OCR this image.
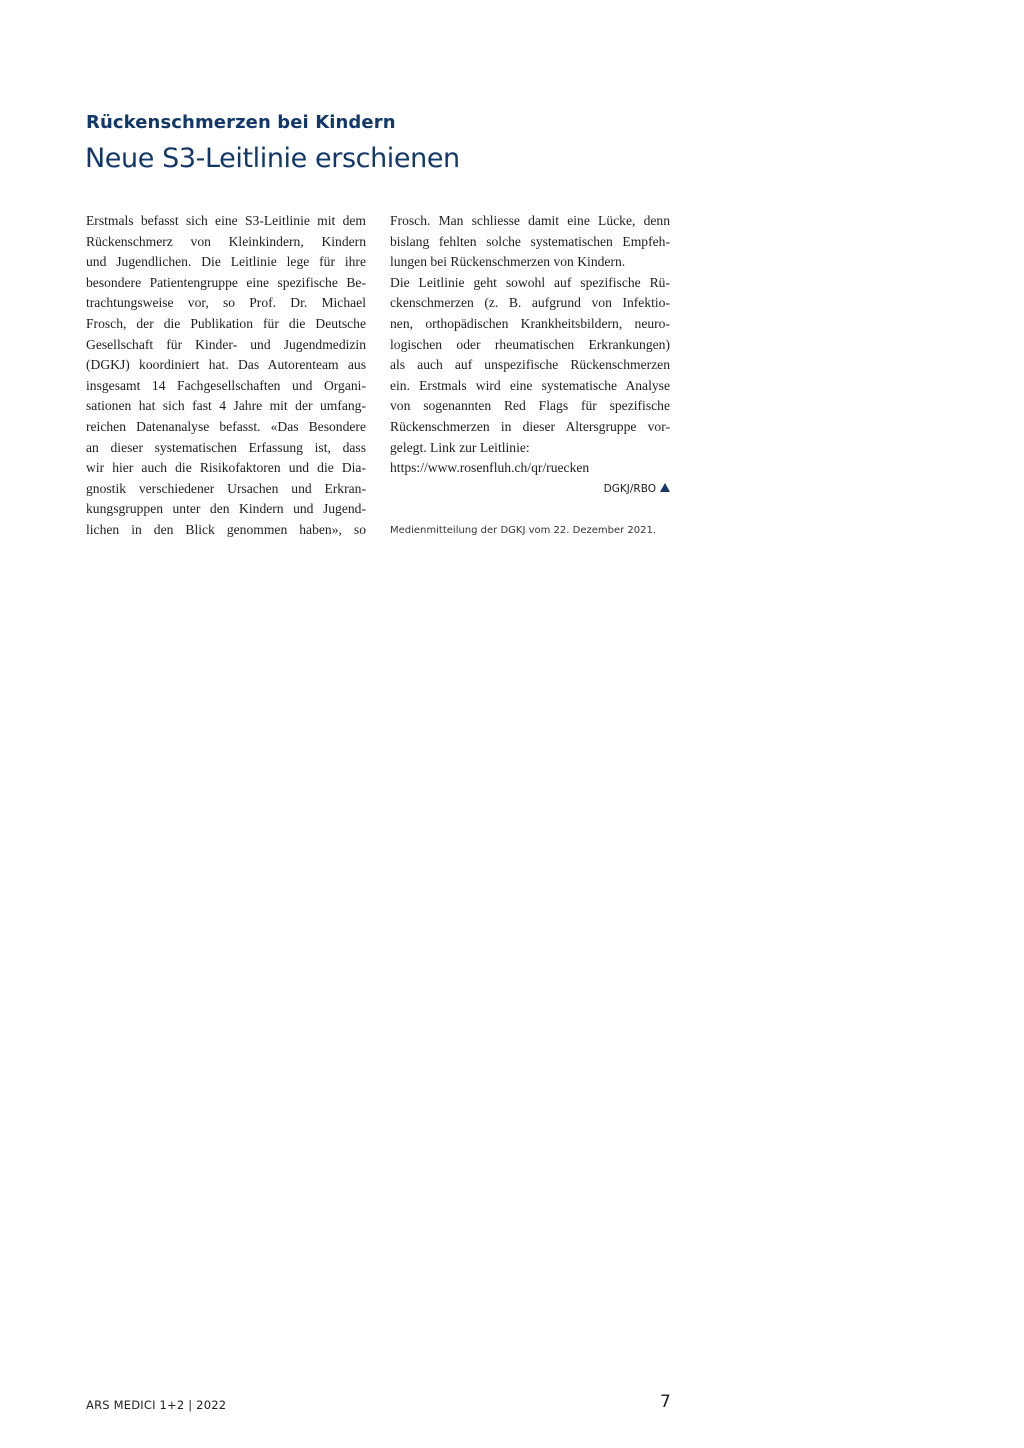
Rückenschmerzen bei Kindern
Neue S3-Leitlinie erschienen
Erstmals befasst sich eine S3-Leitlinie mit dem
Rückenschmerz von Kleinkindern, Kindern
und Jugendlichen. Die Leitlinie lege für ihre
besondere Patientengruppe eine spezifische Be-
trachtungsweise vor, so Prof. Dr. Michael
Frosch, der die Publikation für die Deutsche
Gesellschaft für Kinder- und Jugendmedizin
(DGKJ) koordiniert hat. Das Autorenteam aus
insgesamt 14 Fachgesellschaften und Organi-
sationen hat sich fast 4 Jahre mit der umfang-
reichen Datenanalyse befasst. «Das Besondere
an dieser systematischen Erfassung ist, dass
wir hier auch die Risikofaktoren und die Dia-
gnostik verschiedener Ursachen und Erkran-
kungsgruppen unter den Kindern und Jugend-
lichen in den Blick genommen haben», so
Frosch. Man schliesse damit eine Lücke, denn
bislang fehlten solche systematischen Empfeh-
lungen bei Rückenschmerzen von Kindern.
Die Leitlinie geht sowohl auf spezifische Rü-
ckenschmerzen (z. B. aufgrund von Infektio-
nen, orthopädischen Krankheitsbildern, neuro-
logischen oder rheumatischen Erkrankungen)
als auch auf unspezifische Rückenschmerzen
ein. Erstmals wird eine systematische Analyse
von sogenannten Red Flags für spezifische
Rückenschmerzen in dieser Altersgruppe vor-
gelegt. Link zur Leitlinie:
https://www.rosenfluh.ch/qr/ruecken
DGKJ/RBO
Medienmitteilung der DGKJ vom 22. Dezember 2021.
ARS MEDICI 1+2 | 2022	7
